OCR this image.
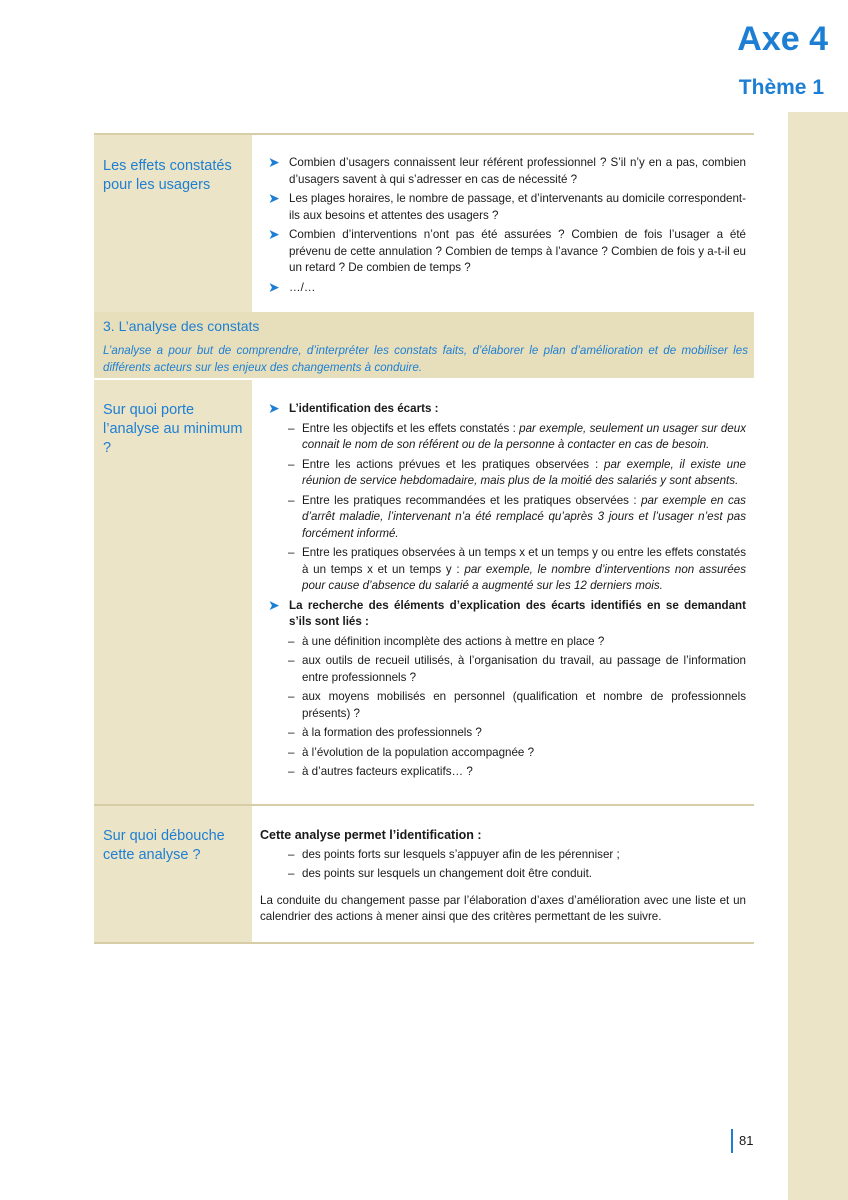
Axe 4
Thème 1
Les effets constatés pour les usagers
➤ Combien d’usagers connaissent leur référent professionnel ? S’il n’y en a pas, combien d’usagers savent à qui s’adresser en cas de nécessité ?
➤ Les plages horaires, le nombre de passage, et d’intervenants au domicile correspondent-ils aux besoins et attentes des usagers ?
➤ Combien d’interventions n’ont pas été assurées ? Combien de fois l’usager a été prévenu de cette annulation ? Combien de temps à l’avance ? Combien de fois y a-t-il eu un retard ? De combien de temps ?
➤ …/…
3. L’analyse des constats
L’analyse a pour but de comprendre, d’interpréter les constats faits, d’élaborer le plan d’amélioration et de mobiliser les différents acteurs sur les enjeux des changements à conduire.
Sur quoi porte l’analyse au minimum ?
➤ L’identification des écarts :
– Entre les objectifs et les effets constatés : par exemple, seulement un usager sur deux connait le nom de son référent ou de la personne à contacter en cas de besoin.
– Entre les actions prévues et les pratiques observées : par exemple, il existe une réunion de service hebdomadaire, mais plus de la moitié des salariés y sont absents.
– Entre les pratiques recommandées et les pratiques observées : par exemple en cas d’arrêt maladie, l’intervenant n’a été remplacé qu’après 3 jours et l’usager n’est pas forcément informé.
– Entre les pratiques observées à un temps x et un temps y ou entre les effets constatés à un temps x et un temps y : par exemple, le nombre d’interventions non assurées pour cause d’absence du salarié a augmenté sur les 12 derniers mois.
➤ La recherche des éléments d’explication des écarts identifiés en se demandant s’ils sont liés :
– à une définition incomplète des actions à mettre en place ?
– aux outils de recueil utilisés, à l’organisation du travail, au passage de l’information entre professionnels ?
– aux moyens mobilisés en personnel (qualification et nombre de professionnels présents) ?
– à la formation des professionnels ?
– à l’évolution de la population accompagnée ?
– à d’autres facteurs explicatifs… ?
Sur quoi débouche cette analyse ?
Cette analyse permet l’identification :
– des points forts sur lesquels s’appuyer afin de les pérenniser ;
– des points sur lesquels un changement doit être conduit.
La conduite du changement passe par l’élaboration d’axes d’amélioration avec une liste et un calendrier des actions à mener ainsi que des critères permettant de les suivre.
81
